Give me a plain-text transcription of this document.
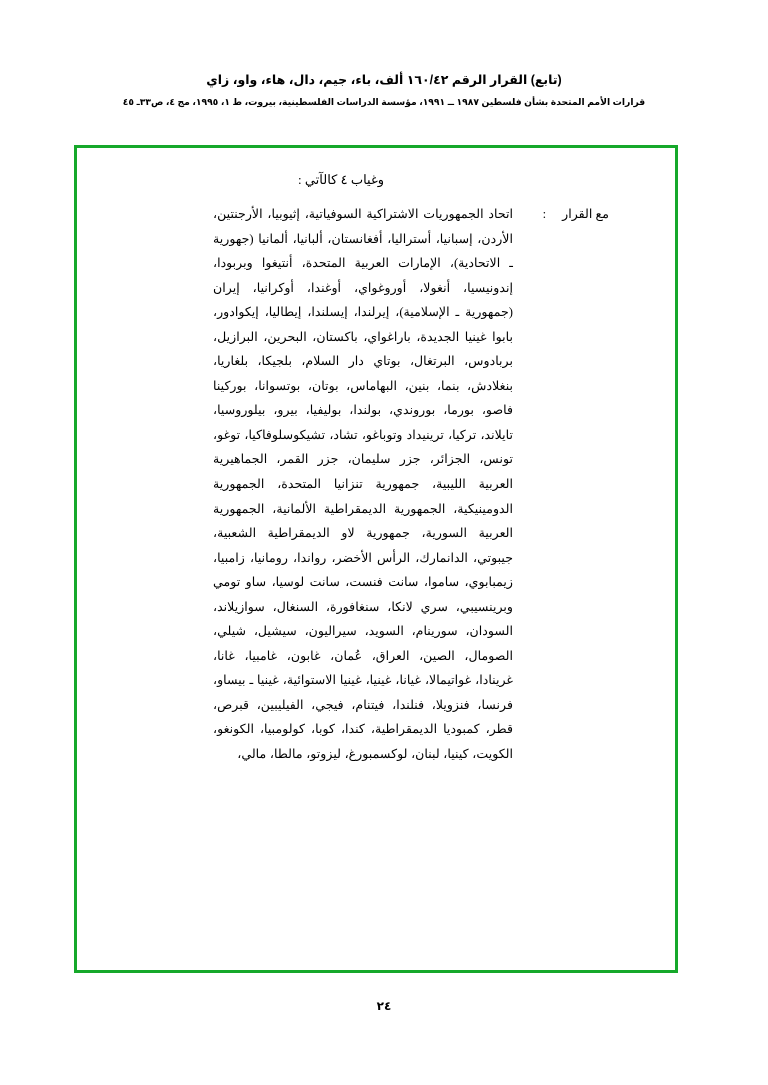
(تابع) القرار الرقم ١٦٠/٤٢ ألف، باء، جيم، دال، هاء، واو، زاي
قرارات الأمم المتحدة بشأن فلسطين ١٩٨٧ ــ ١٩٩١، مؤسسة الدراسات الفلسطينية، بيروت، ط ١، ١٩٩٥، مج ٤، ص٣٣ـ ٤٥
وغياب ٤ كالآتي :
مع القرار:
اتحاد الجمهوريات الاشتراكية السوفياتية، إثيوبيا، الأرجنتين، الأردن، إسبانيا، أستراليا، أفغانستان، ألبانيا، ألمانيا (جهورية ـ الاتحادية)، الإمارات العربية المتحدة، أنتيغوا وبربودا، إندونيسيا، أنغولا، أوروغواي، أوغندا، أوكرانيا، إيران (جمهورية ـ الإسلامية)، إيرلندا، إيسلندا، إيطاليا، إيكوادور، بابوا غينيا الجديدة، باراغواي، باكستان، البحرين، البرازيل، بربادوس، البرتغال، بوتاي دار السلام، بلجيكا، بلغاريا، بنغلادش، بنما، بنين، البهاماس، بوتان، بوتسوانا، بوركينا فاصو، بورما، بوروندي، بولندا، بوليفيا، بيرو، بيلوروسيا، تايلاند، تركيا، ترينيداد وتوباغو، تشاد، تشيكوسلوفاكيا، توغو، تونس، الجزائر، جزر سليمان، جزر القمر، الجماهيرية العربية الليبية، جمهورية تنزانيا المتحدة، الجمهورية الدومينيكية، الجمهورية الديمقراطية الألمانية، الجمهورية العربية السورية، جمهورية لاو الديمقراطية الشعبية، جيبوتي، الدانمارك، الرأس الأخضر، رواندا، رومانيا، زامبيا، زيمبابوي، ساموا، سانت فنست، سانت لوسيا، ساو تومي وبرينسيبي، سري لانكا، سنغافورة، السنغال، سوازيلاند، السودان، سورينام، السويد، سيراليون، سيشيل، شيلي، الصومال، الصين، العراق، عُمان، غابون، غامبيا، غانا، غرينادا، غواتيمالا، غيانا، غينيا، غينيا الاستوائية، غينيا ـ بيساو، فرنسا، فنزويلا، فنلندا، فيتنام، فيجي، الفيليبين، قبرص، قطر، كمبوديا الديمقراطية، كندا، كوبا، كولومبيا، الكونغو، الكويت، كينيا، لبنان، لوكسمبورغ، ليزوتو، مالطا، مالي،
٢٤
